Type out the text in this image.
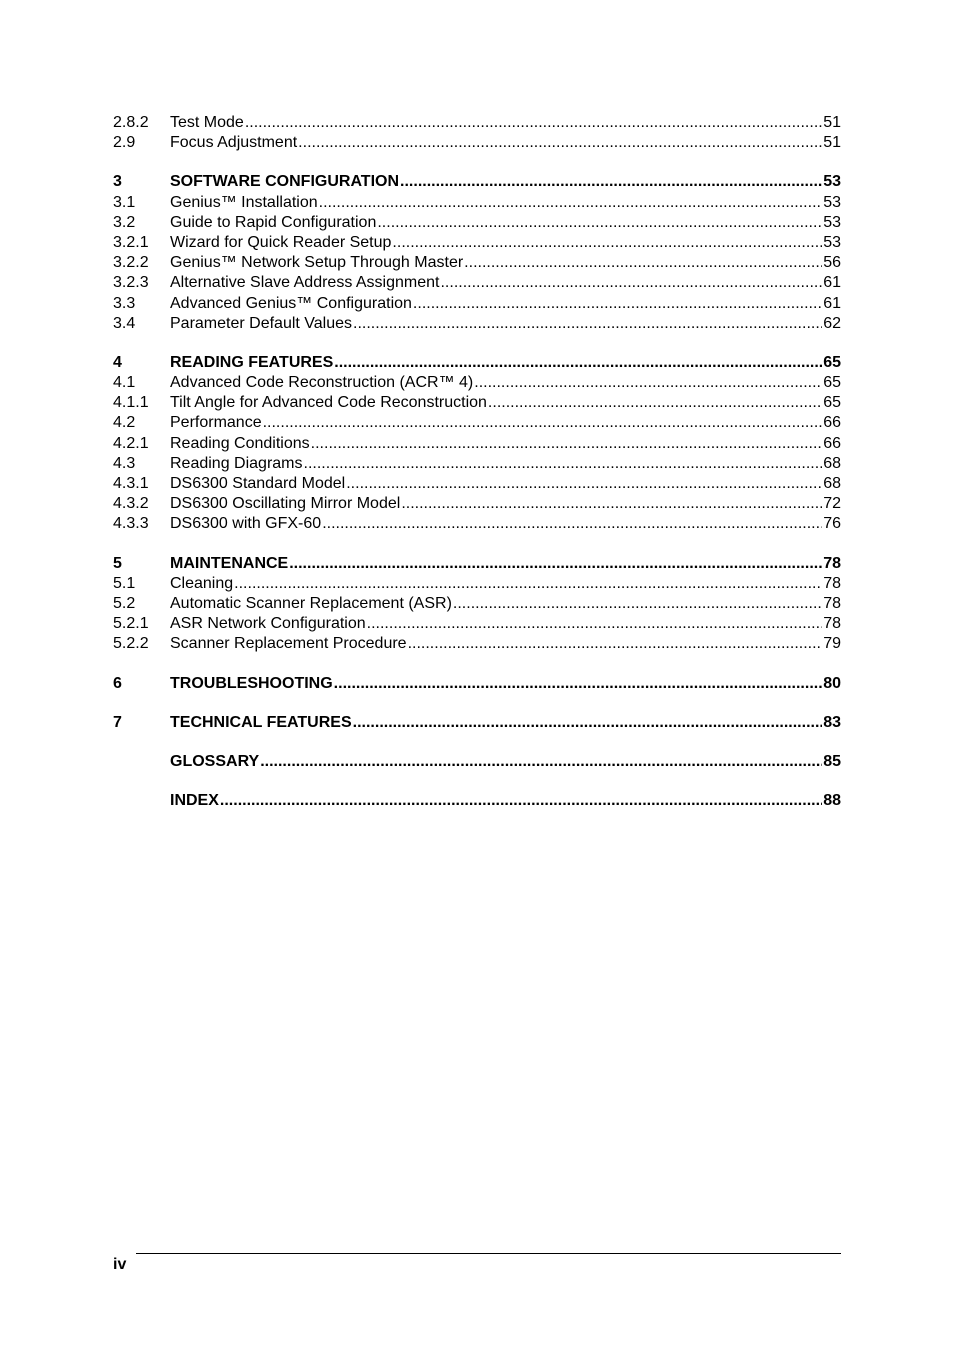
2.8.2	Test Mode .....	51
2.9	Focus Adjustment .....	51
3	SOFTWARE CONFIGURATION .....	53
3.1	Genius™ Installation .....	53
3.2	Guide to Rapid Configuration .....	53
3.2.1	Wizard for Quick Reader Setup .....	53
3.2.2	Genius™ Network Setup Through Master .....	56
3.2.3	Alternative Slave Address Assignment .....	61
3.3	Advanced Genius™ Configuration .....	61
3.4	Parameter Default Values .....	62
4	READING FEATURES .....	65
4.1	Advanced Code Reconstruction (ACR™ 4) .....	65
4.1.1	Tilt Angle for Advanced Code Reconstruction .....	65
4.2	Performance .....	66
4.2.1	Reading Conditions .....	66
4.3	Reading Diagrams .....	68
4.3.1	DS6300 Standard Model .....	68
4.3.2	DS6300 Oscillating Mirror Model .....	72
4.3.3	DS6300 with GFX-60 .....	76
5	MAINTENANCE .....	78
5.1	Cleaning .....	78
5.2	Automatic Scanner Replacement (ASR) .....	78
5.2.1	ASR Network Configuration .....	78
5.2.2	Scanner Replacement Procedure .....	79
6	TROUBLESHOOTING .....	80
7	TECHNICAL FEATURES .....	83
GLOSSARY .....	85
INDEX .....	88
iv
